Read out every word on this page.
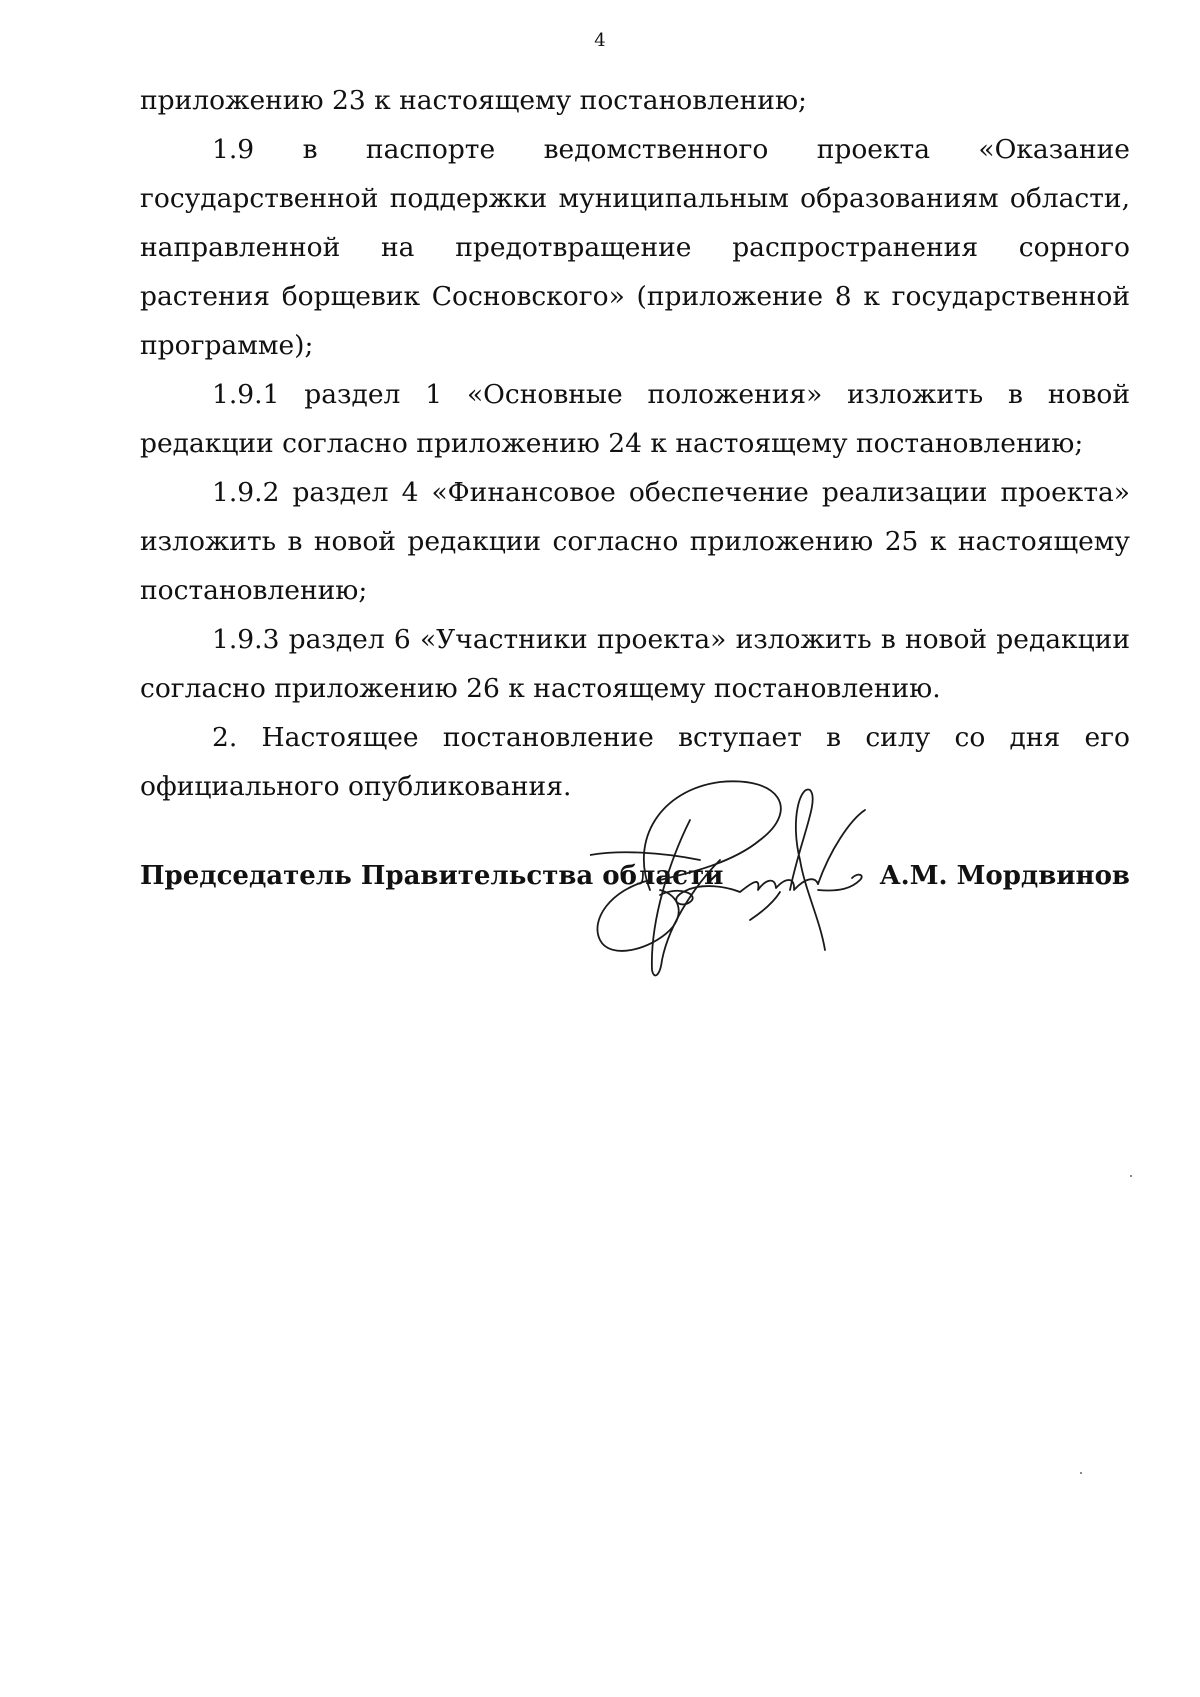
4

приложению 23 к настоящему постановлению;

1.9 в паспорте ведомственного проекта «Оказание государственной поддержки муниципальным образованиям области, направленной на предотвращение распространения сорного растения борщевик Сосновского» (приложение 8 к государственной программе);

1.9.1 раздел 1 «Основные положения» изложить в новой редакции согласно приложению 24 к настоящему постановлению;

1.9.2 раздел 4 «Финансовое обеспечение реализации проекта» изложить в новой редакции согласно приложению 25 к настоящему постановлению;

1.9.3 раздел 6 «Участники проекта» изложить в новой редакции согласно приложению 26 к настоящему постановлению.

2. Настоящее постановление вступает в силу со дня его официального опубликования.

Председатель Правительства области	А.М. Мордвинов
